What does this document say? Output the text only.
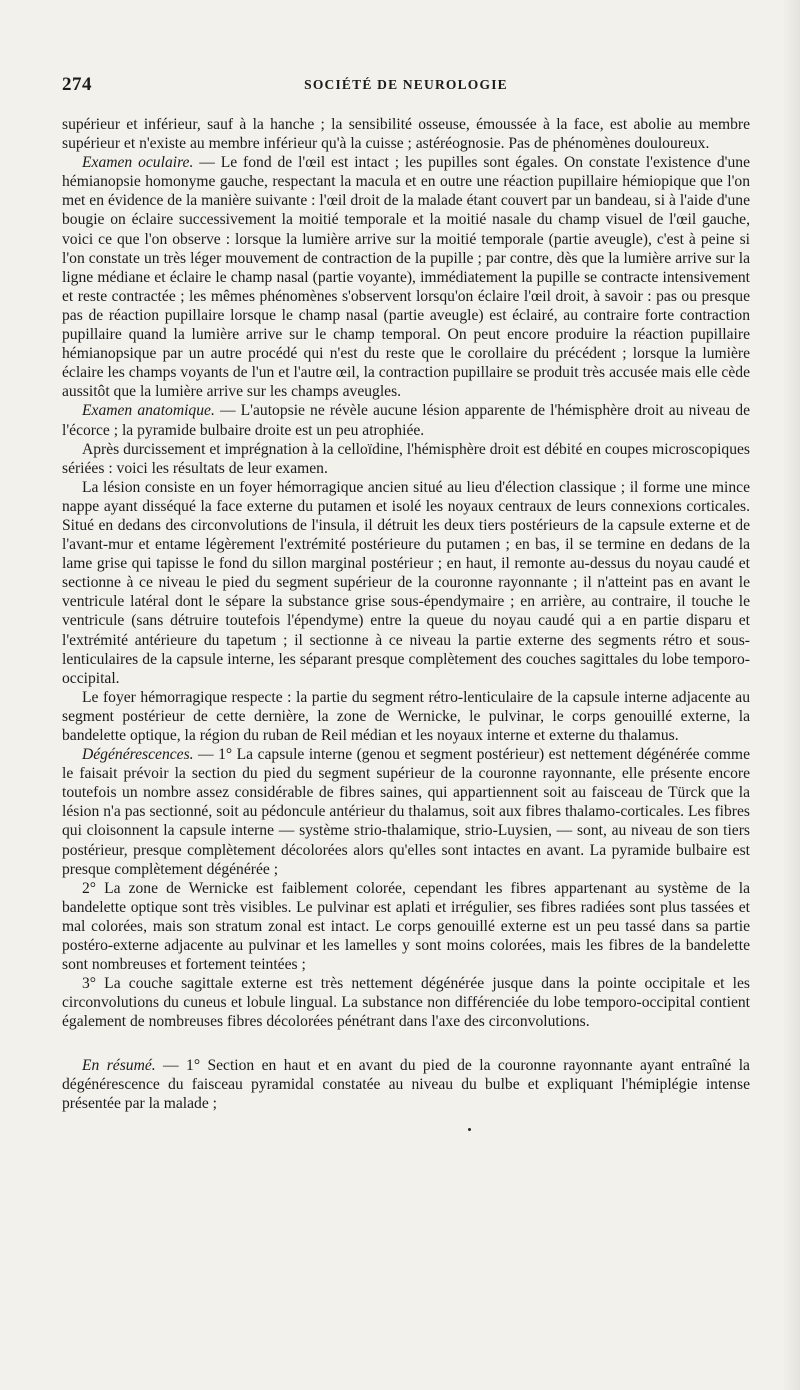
274	SOCIÉTÉ DE NEUROLOGIE

supérieur et inférieur, sauf à la hanche ; la sensibilité osseuse, émoussée à la face, est abolie au membre supérieur et n'existe au membre inférieur qu'à la cuisse ; astéréognosie. Pas de phénomènes douloureux.

Examen oculaire. — Le fond de l'œil est intact ; les pupilles sont égales. On constate l'existence d'une hémianopsie homonyme gauche, respectant la macula et en outre une réaction pupillaire hémiopique que l'on met en évidence de la manière suivante : l'œil droit de la malade étant couvert par un bandeau, si à l'aide d'une bougie on éclaire successivement la moitié temporale et la moitié nasale du champ visuel de l'œil gauche, voici ce que l'on observe : lorsque la lumière arrive sur la moitié temporale (partie aveugle), c'est à peine si l'on constate un très léger mouvement de contraction de la pupille ; par contre, dès que la lumière arrive sur la ligne médiane et éclaire le champ nasal (partie voyante), immédiatement la pupille se contracte intensivement et reste contractée ; les mêmes phénomènes s'observent lorsqu'on éclaire l'œil droit, à savoir : pas ou presque pas de réaction pupillaire lorsque le champ nasal (partie aveugle) est éclairé, au contraire forte contraction pupillaire quand la lumière arrive sur le champ temporal. On peut encore produire la réaction pupillaire hémianopsique par un autre procédé qui n'est du reste que le corollaire du précédent ; lorsque la lumière éclaire les champs voyants de l'un et l'autre œil, la contraction pupillaire se produit très accusée mais elle cède aussitôt que la lumière arrive sur les champs aveugles.

Examen anatomique. — L'autopsie ne révèle aucune lésion apparente de l'hémisphère droit au niveau de l'écorce ; la pyramide bulbaire droite est un peu atrophiée.

Après durcissement et imprégnation à la celloïdine, l'hémisphère droit est débité en coupes microscopiques sériées : voici les résultats de leur examen.

La lésion consiste en un foyer hémorragique ancien situé au lieu d'élection classique ; il forme une mince nappe ayant disséqué la face externe du putamen et isolé les noyaux centraux de leurs connexions corticales. Situé en dedans des circonvolutions de l'insula, il détruit les deux tiers postérieurs de la capsule externe et de l'avant-mur et entame légèrement l'extrémité postérieure du putamen ; en bas, il se termine en dedans de la lame grise qui tapisse le fond du sillon marginal postérieur ; en haut, il remonte au-dessus du noyau caudé et sectionne à ce niveau le pied du segment supérieur de la couronne rayonnante ; il n'atteint pas en avant le ventricule latéral dont le sépare la substance grise sous-épendymaire ; en arrière, au contraire, il touche le ventricule (sans détruire toutefois l'épendyme) entre la queue du noyau caudé qui a en partie disparu et l'extrémité antérieure du tapetum ; il sectionne à ce niveau la partie externe des segments rétro et sous-lenticulaires de la capsule interne, les séparant presque complètement des couches sagittales du lobe temporo-occipital.

Le foyer hémorragique respecte : la partie du segment rétro-lenticulaire de la capsule interne adjacente au segment postérieur de cette dernière, la zone de Wernicke, le pulvinar, le corps genouillé externe, la bandelette optique, la région du ruban de Reil médian et les noyaux interne et externe du thalamus.

Dégénérescences. — 1° La capsule interne (genou et segment postérieur) est nettement dégénérée comme le faisait prévoir la section du pied du segment supérieur de la couronne rayonnante, elle présente encore toutefois un nombre assez considérable de fibres saines, qui appartiennent soit au faisceau de Türck que la lésion n'a pas sectionné, soit au pédoncule antérieur du thalamus, soit aux fibres thalamo-corticales. Les fibres qui cloisonnent la capsule interne — système strio-thalamique, strio-Luysien, — sont, au niveau de son tiers postérieur, presque complètement décolorées alors qu'elles sont intactes en avant. La pyramide bulbaire est presque complètement dégénérée ;

2° La zone de Wernicke est faiblement colorée, cependant les fibres appartenant au système de la bandelette optique sont très visibles. Le pulvinar est aplati et irrégulier, ses fibres radiées sont plus tassées et mal colorées, mais son stratum zonal est intact. Le corps genouillé externe est un peu tassé dans sa partie postéro-externe adjacente au pulvinar et les lamelles y sont moins colorées, mais les fibres de la bandelette sont nombreuses et fortement teintées ;

3° La couche sagittale externe est très nettement dégénérée jusque dans la pointe occipitale et les circonvolutions du cuneus et lobule lingual. La substance non différenciée du lobe temporo-occipital contient également de nombreuses fibres décolorées pénétrant dans l'axe des circonvolutions.

En résumé. — 1° Section en haut et en avant du pied de la couronne rayonnante ayant entraîné la dégénérescence du faisceau pyramidal constatée au niveau du bulbe et expliquant l'hémiplégie intense présentée par la malade ;
